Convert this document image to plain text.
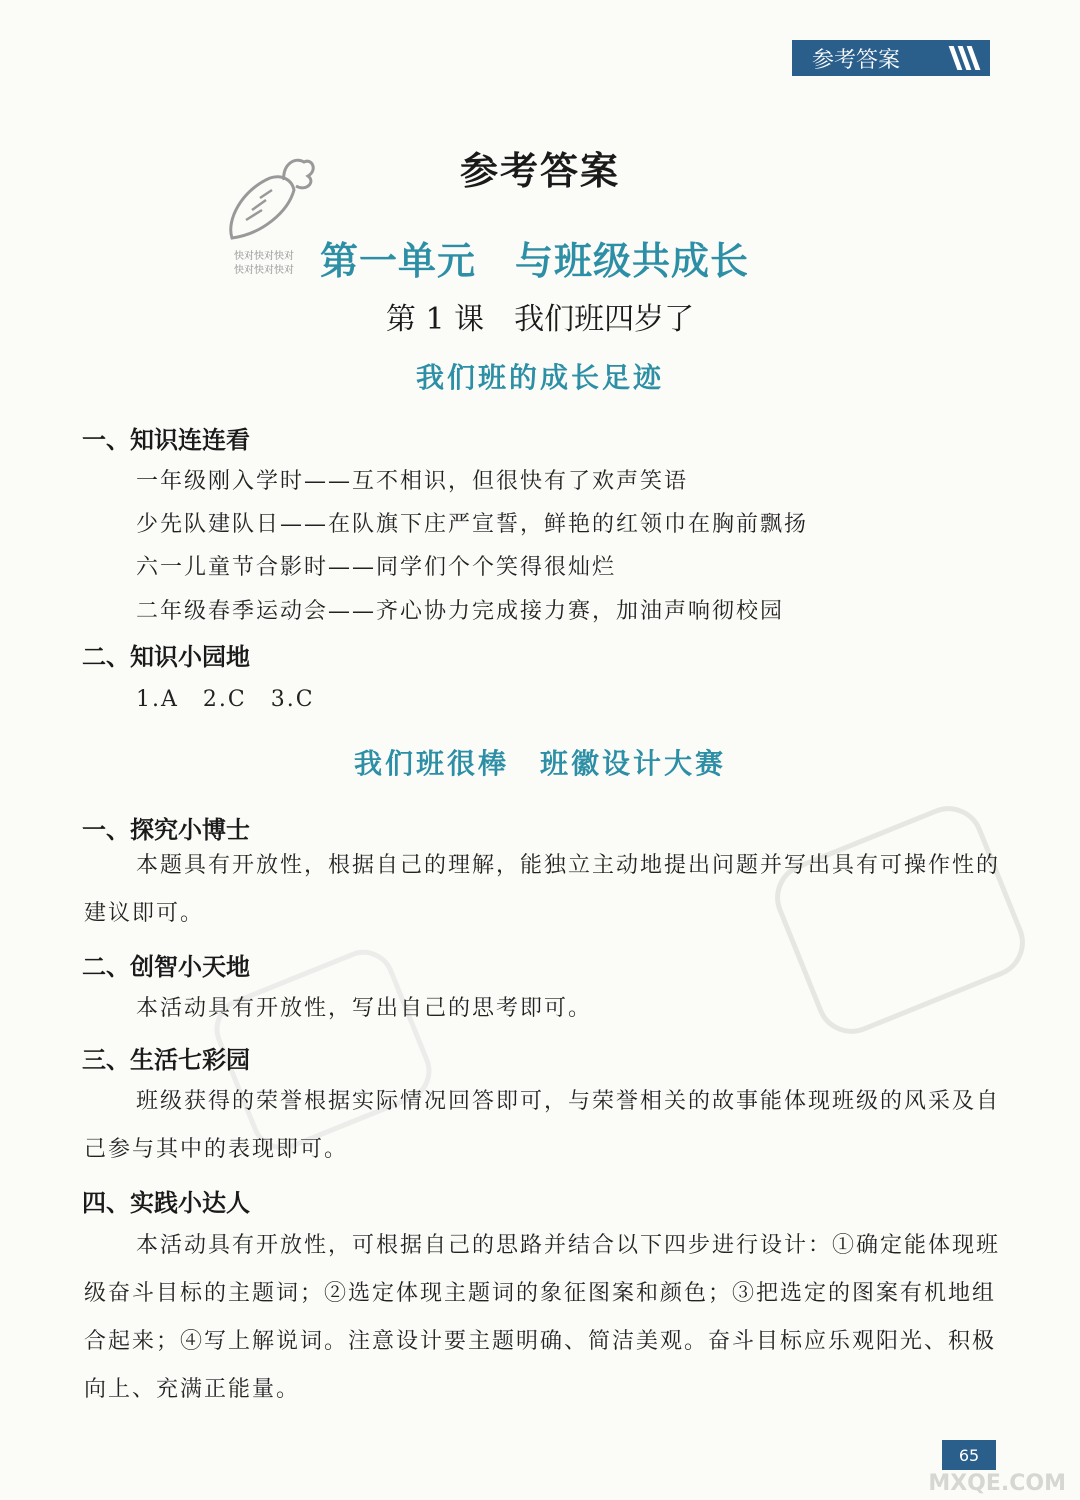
参考答案
参考答案
快对快对快对
快对快对快对 第一单元　与班级共成长
第 1 课　我们班四岁了
我们班的成长足迹
一、知识连连看
一年级刚入学时——互不相识，但很快有了欢声笑语
少先队建队日——在队旗下庄严宣誓，鲜艳的红领巾在胸前飘扬
六一儿童节合影时——同学们个个笑得很灿烂
二年级春季运动会——齐心协力完成接力赛，加油声响彻校园
二、知识小园地
1.A　2.C　3.C
我们班很棒　班徽设计大赛
一、探究小博士
本题具有开放性，根据自己的理解，能独立主动地提出问题并写出具有可操作性的建议即可。
二、创智小天地
本活动具有开放性，写出自己的思考即可。
三、生活七彩园
班级获得的荣誉根据实际情况回答即可，与荣誉相关的故事能体现班级的风采及自己参与其中的表现即可。
四、实践小达人
本活动具有开放性，可根据自己的思路并结合以下四步进行设计：①确定能体现班级奋斗目标的主题词；②选定体现主题词的象征图案和颜色；③把选定的图案有机地组合起来；④写上解说词。注意设计要主题明确、简洁美观。奋斗目标应乐观阳光、积极向上、充满正能量。
MXQE.COM
65
